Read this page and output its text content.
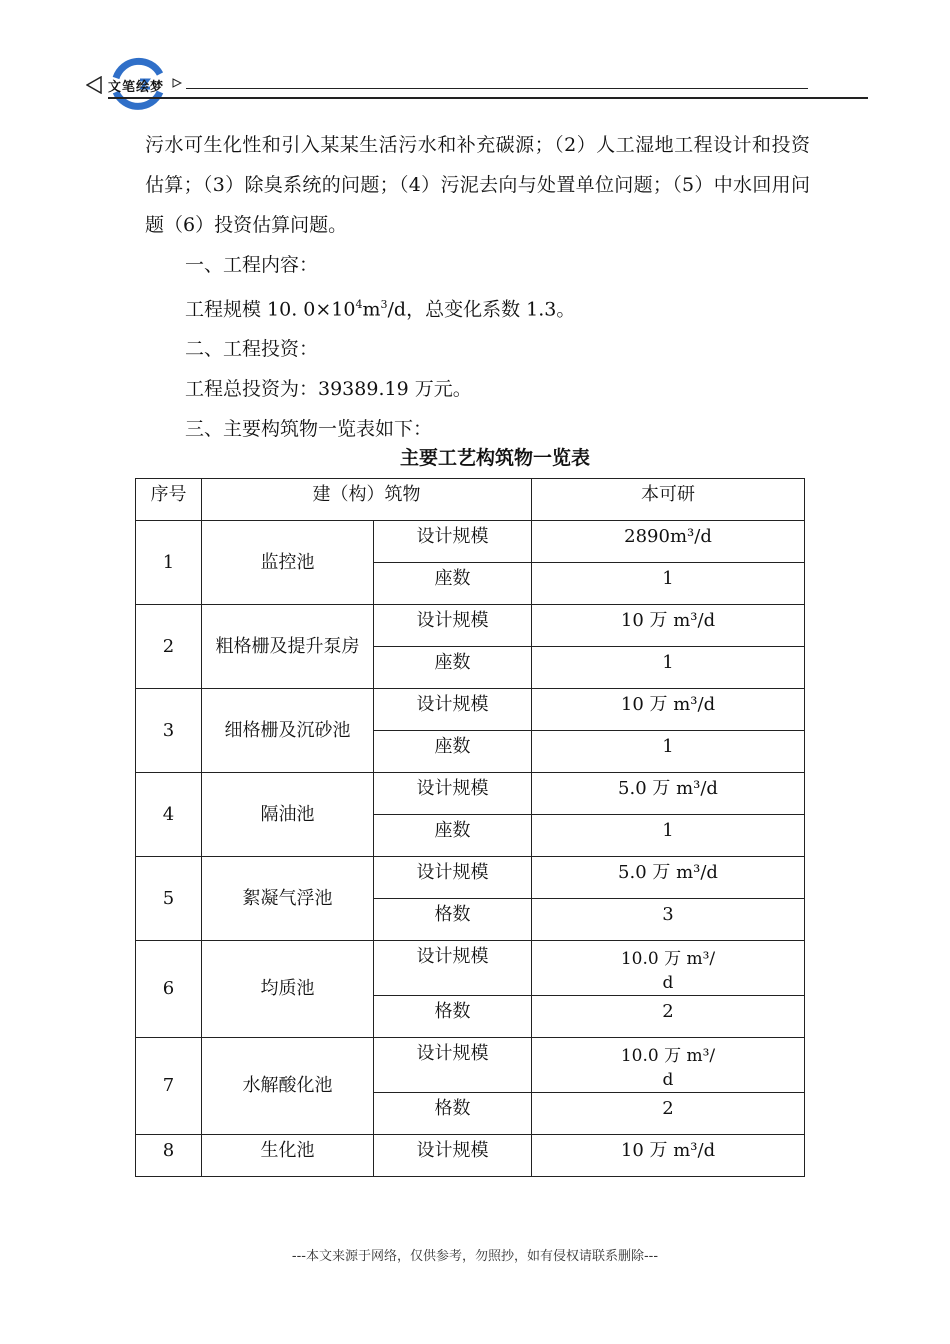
文笔绘梦

污水可生化性和引入某某生活污水和补充碳源；（2）人工湿地工程设计和投资估算；（3）除臭系统的问题；（4）污泥去向与处置单位问题；（5）中水回用问题（6）投资估算问题。

一、工程内容：

工程规模 10. $0\times 10^4m^3/d$，总变化系数 1.3。

二、工程投资：

工程总投资为：39389.19 万元。

三、主要构筑物一览表如下：

主要工艺构筑物一览表
序号	建（构）筑物		本可研
1	监控池	设计规模	2890m³/d
		座数	1
2	粗格栅及提升泵房	设计规模	10 万 m³/d
		座数	1
3	细格栅及沉砂池	设计规模	10 万 m³/d
		座数	1
4	隔油池	设计规模	5.0 万 m³/d
		座数	1
5	絮凝气浮池	设计规模	5.0 万 m³/d
		格数	3
6	均质池	设计规模	10.0 万 m³/
d
		格数	2
7	水解酸化池	设计规模	10.0 万 m³/
d
		格数	2
8	生化池	设计规模	10 万 m³/d
---本文来源于网络，仅供参考，勿照抄，如有侵权请联系删除---
